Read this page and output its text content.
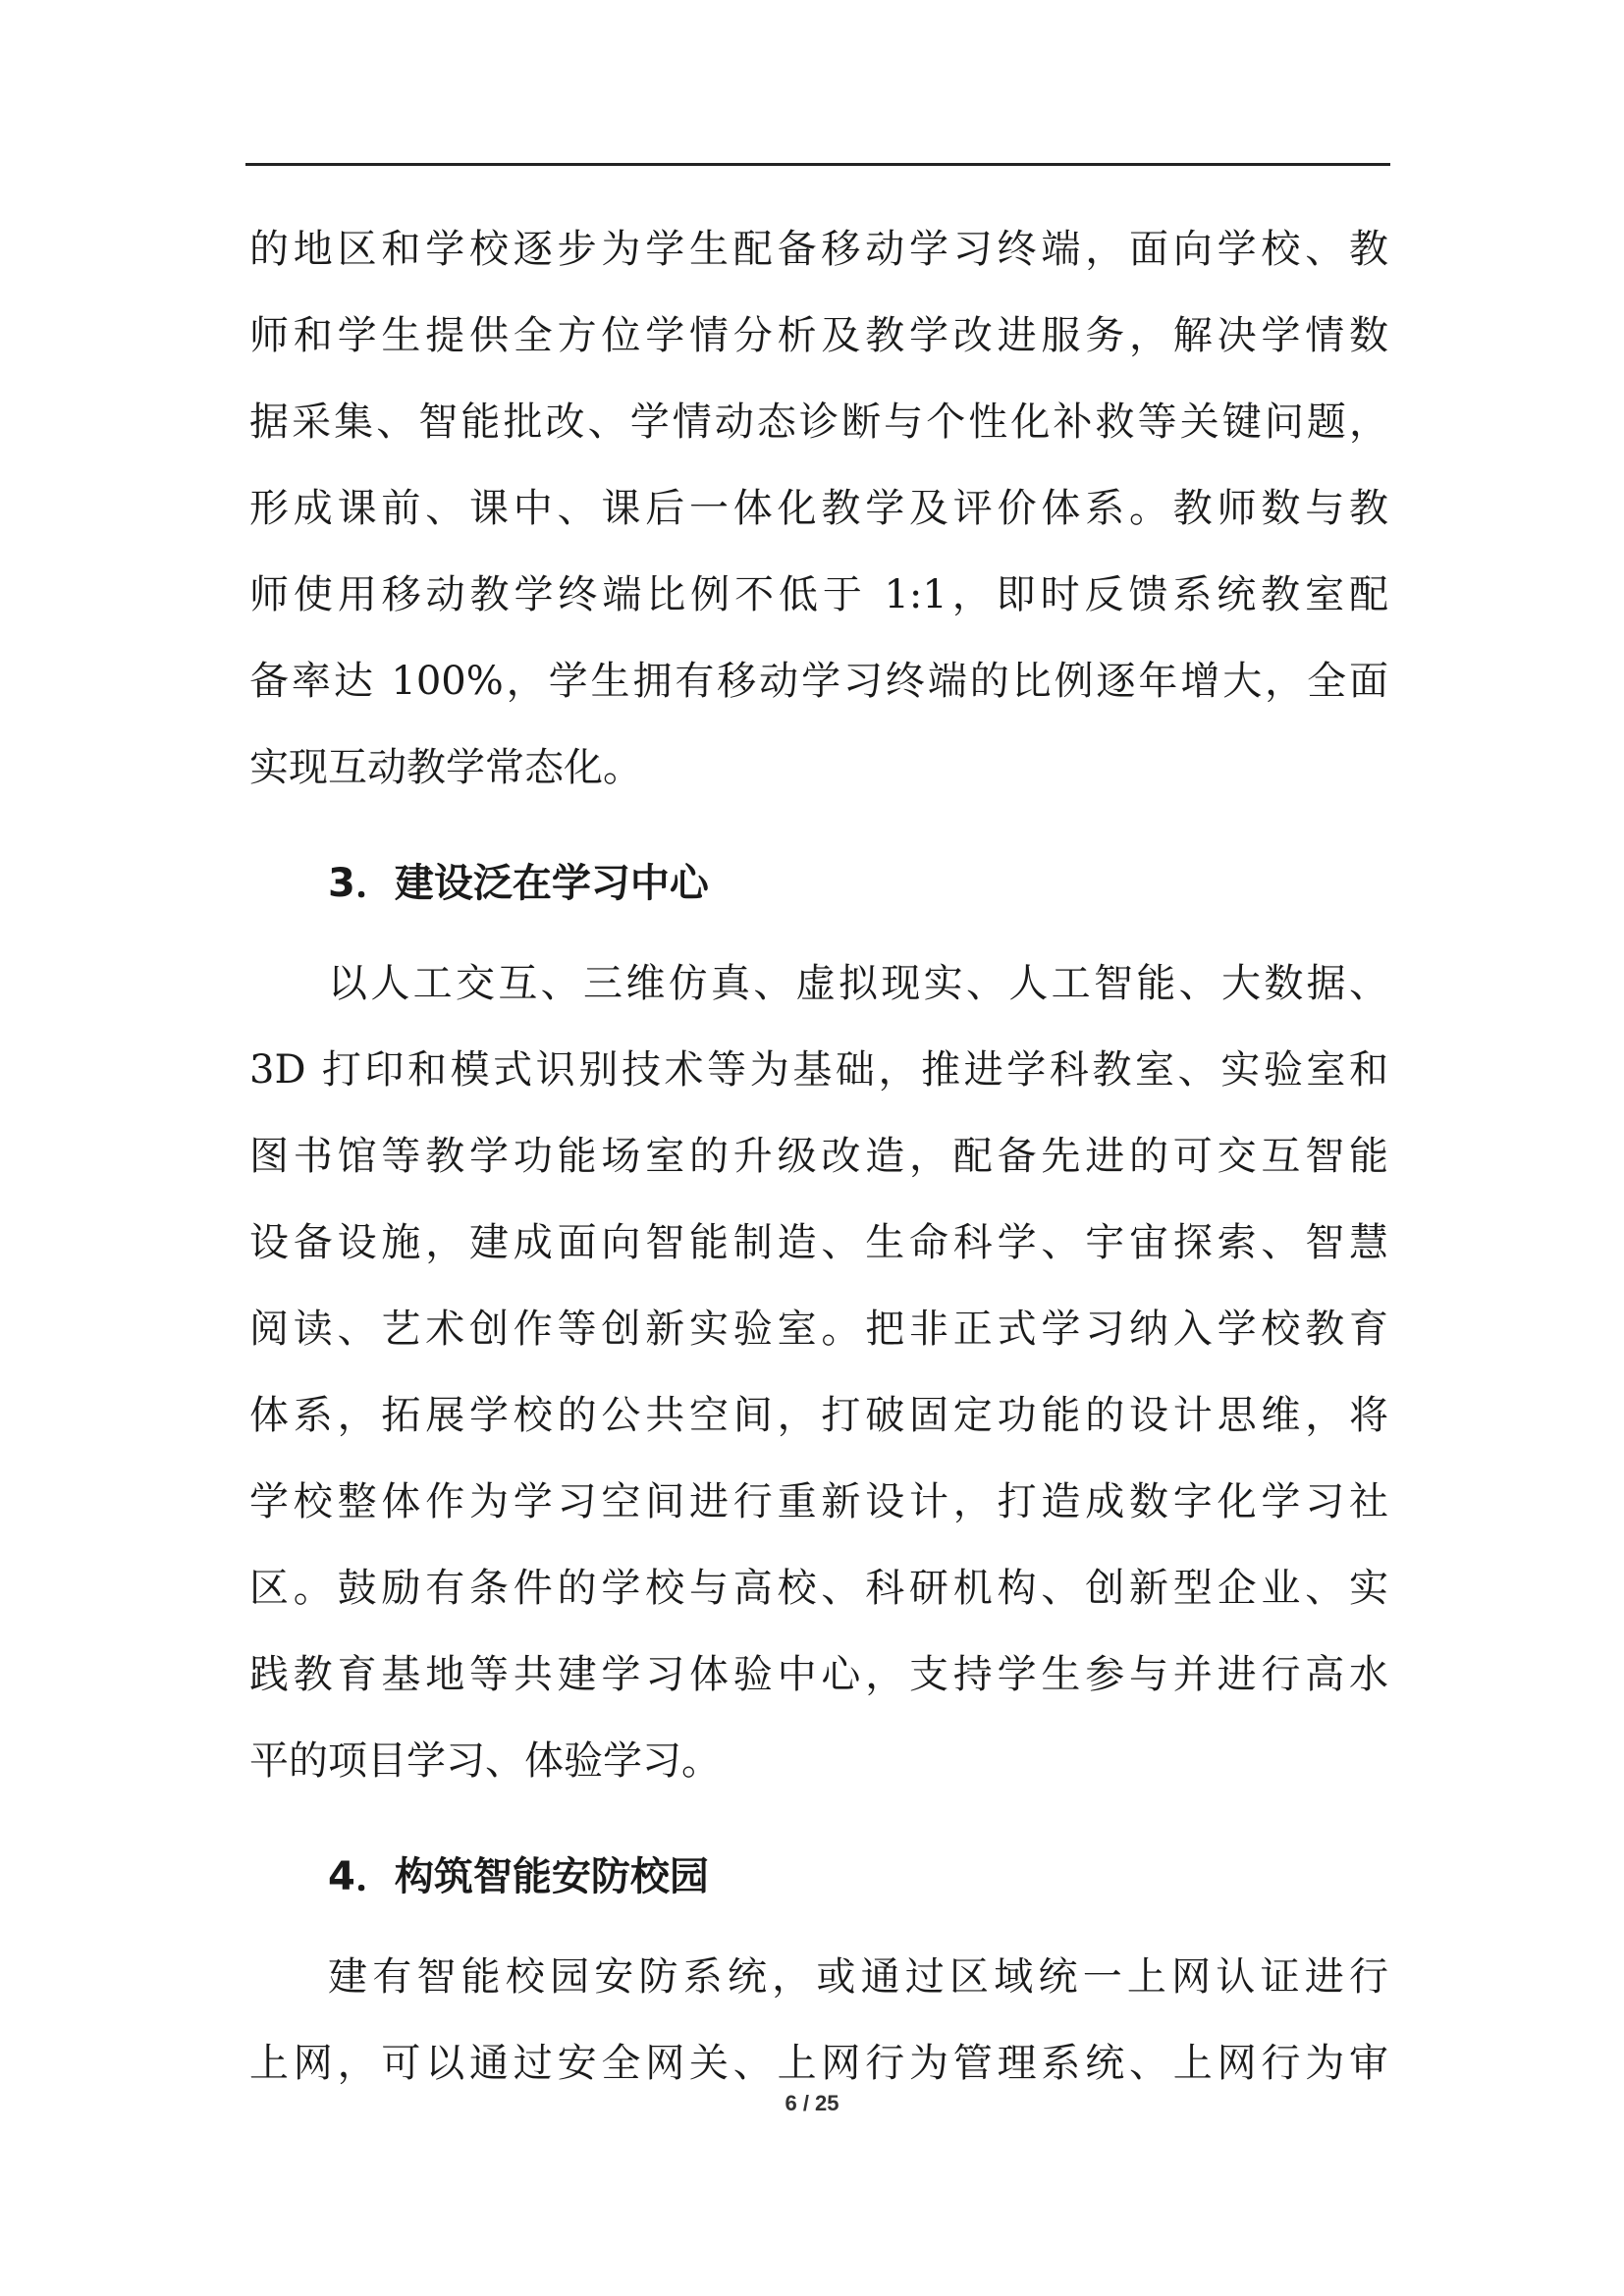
的地区和学校逐步为学生配备移动学习终端，面向学校、教
师和学生提供全方位学情分析及教学改进服务，解决学情数
据采集、智能批改、学情动态诊断与个性化补救等关键问题，
形成课前、课中、课后一体化教学及评价体系。教师数与教
师使用移动教学终端比例不低于 1:1，即时反馈系统教室配
备率达 100%，学生拥有移动学习终端的比例逐年增大，全面
实现互动教学常态化。
3．建设泛在学习中心
以人工交互、三维仿真、虚拟现实、人工智能、大数据、
3D 打印和模式识别技术等为基础，推进学科教室、实验室和
图书馆等教学功能场室的升级改造，配备先进的可交互智能
设备设施，建成面向智能制造、生命科学、宇宙探索、智慧
阅读、艺术创作等创新实验室。把非正式学习纳入学校教育
体系，拓展学校的公共空间，打破固定功能的设计思维，将
学校整体作为学习空间进行重新设计，打造成数字化学习社
区。鼓励有条件的学校与高校、科研机构、创新型企业、实
践教育基地等共建学习体验中心，支持学生参与并进行高水
平的项目学习、体验学习。
4．构筑智能安防校园
建有智能校园安防系统，或通过区域统一上网认证进行
上网，可以通过安全网关、上网行为管理系统、上网行为审
6 / 25
